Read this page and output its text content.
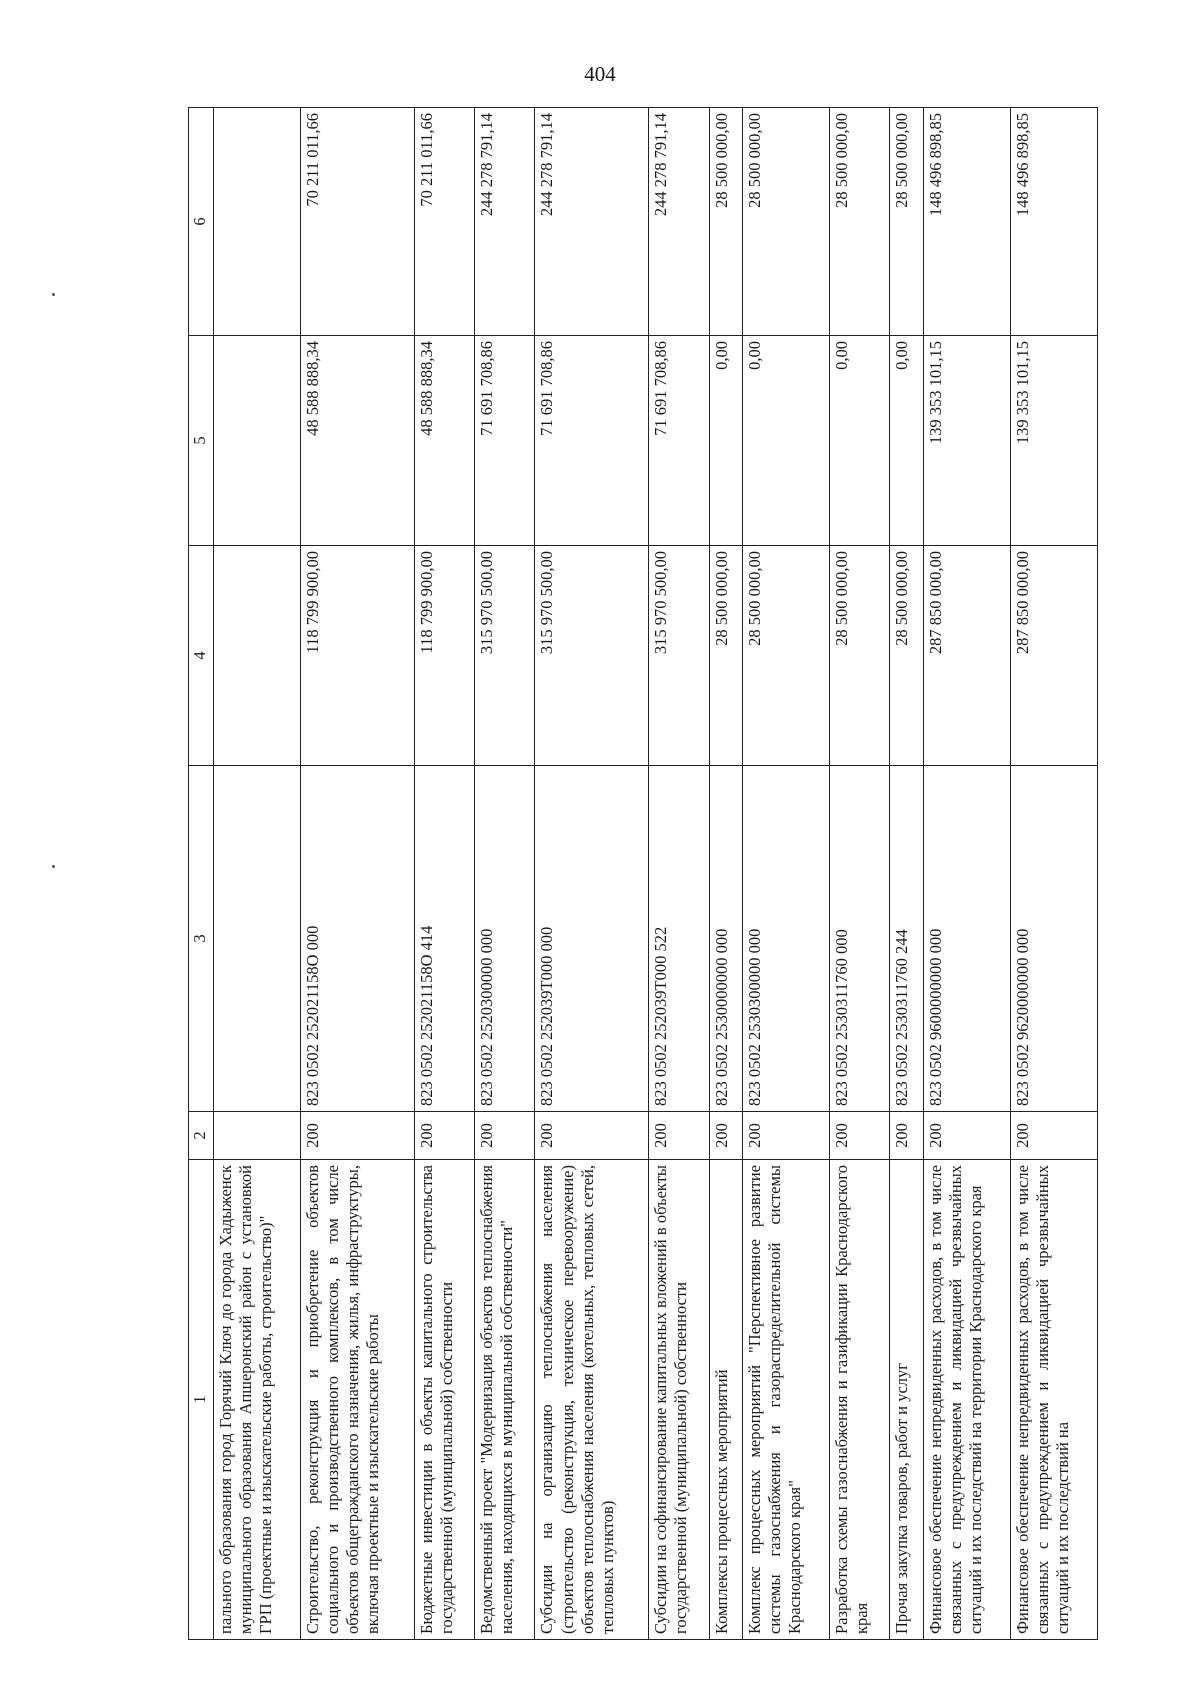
404
1	2	3	4	5	6
пального образования город Горячий Ключ до города Хадыженск муниципального образования Апшеронский район с установкой ГРП (проектные и изыскательские работы, строительство)"					
Строительство, реконструкция и приобретение объектов социального и производственного комплексов, в том числе объектов общегражданского назначения, жилья, инфраструктуры, включая проектные и изыскательские работы	200	823 0502 252021158О 000	118 799 900,00	48 588 888,34	70 211 011,66
Бюджетные инвестиции в объекты капитального строительства государственной (муниципальной) собственности	200	823 0502 252021158О 414	118 799 900,00	48 588 888,34	70 211 011,66
Ведомственный проект "Модернизация объектов теплоснабжения населения, находящихся в муниципальной собственности"	200	823 0502 2520300000 000	315 970 500,00	71 691 708,86	244 278 791,14
Субсидии на организацию теплоснабжения населения (строительство (реконструкция, техническое перевооружение) объектов теплоснабжения населения (котельных, тепловых сетей, тепловых пунктов)	200	823 0502 252039Т000 000	315 970 500,00	71 691 708,86	244 278 791,14
Субсидии на софинансирование капитальных вложений в объекты государственной (муниципальной) собственности	200	823 0502 252039Т000 522	315 970 500,00	71 691 708,86	244 278 791,14
Комплексы процессных мероприятий	200	823 0502 2530000000 000	28 500 000,00	0,00	28 500 000,00
Комплекс процессных мероприятий "Перспективное развитие системы газоснабжения и газораспределительной системы Краснодарского края"	200	823 0502 2530300000 000	28 500 000,00	0,00	28 500 000,00
Разработка схемы газоснабжения и газификации Краснодарского края	200	823 0502 2530311760 000	28 500 000,00	0,00	28 500 000,00
Прочая закупка товаров, работ и услуг	200	823 0502 2530311760 244	28 500 000,00	0,00	28 500 000,00
Финансовое обеспечение непредвиденных расходов, в том числе связанных с предупреждением и ликвидацией чрезвычайных ситуаций и их последствий на территории Краснодарского края	200	823 0502 9600000000 000	287 850 000,00	139 353 101,15	148 496 898,85
Финансовое обеспечение непредвиденных расходов, в том числе связанных с предупреждением и ликвидацией чрезвычайных ситуаций и их последствий на	200	823 0502 9620000000 000	287 850 000,00	139 353 101,15	148 496 898,85
